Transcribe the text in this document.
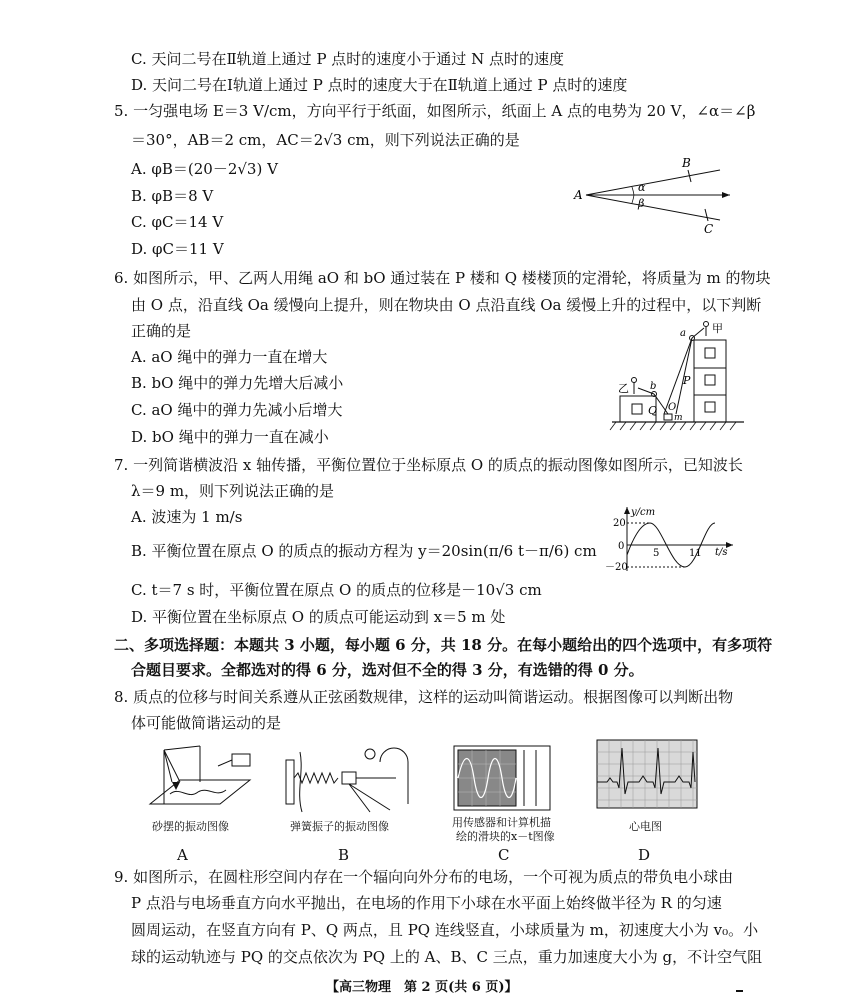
C. 天问二号在Ⅱ轨道上通过 P 点时的速度小于通过 N 点时的速度
D. 天问二号在Ⅰ轨道上通过 P 点时的速度大于在Ⅱ轨道上通过 P 点时的速度
5. 一匀强电场 E＝3 V/cm，方向平行于纸面，如图所示，纸面上 A 点的电势为 20 V，∠α＝∠β
＝30°，AB＝2 cm，AC＝2√3 cm，则下列说法正确的是
A. φB＝(20－2√3) V
B. φB＝8 V
C. φC＝14 V
D. φC＝11 V
A
B
C
α
β
6. 如图所示，甲、乙两人用绳 aO 和 bO 通过装在 P 楼和 Q 楼楼顶的定滑轮，将质量为 m 的物块
由 O 点，沿直线 Oa 缓慢向上提升，则在物块由 O 点沿直线 Oa 缓慢上升的过程中，以下判断
正确的是
A. aO 绳中的弹力一直在增大
B. bO 绳中的弹力先增大后减小
C. aO 绳中的弹力先减小后增大
D. bO 绳中的弹力一直在减小
甲
乙
a
b P
Q O
m
7. 一列简谐横波沿 x 轴传播，平衡位置位于坐标原点 O 的质点的振动图像如图所示，已知波长
λ＝9 m，则下列说法正确的是
A. 波速为 1 m/s
B. 平衡位置在原点 O 的质点的振动方程为 y＝20sin(π/6 t－π/6) cm
C. t＝7 s 时，平衡位置在原点 O 的质点的位移是－10√3 cm
D. 平衡位置在坐标原点 O 的质点可能运动到 x＝5 m 处
y/cm
t/s
20
－20
0
5	11
二、多项选择题：本题共 3 小题，每小题 6 分，共 18 分。在每小题给出的四个选项中，有多项符
合题目要求。全都选对的得 6 分，选对但不全的得 3 分，有选错的得 0 分。
8. 质点的位移与时间关系遵从正弦函数规律，这样的运动叫简谐运动。根据图像可以判断出物
体可能做简谐运动的是
砂摆的振动图像
A
弹簧振子的振动图像
B
用传感器和计算机描
绘的滑块的x－t图像
C
心电图
D
9. 如图所示，在圆柱形空间内存在一个辐向向外分布的电场，一个可视为质点的带负电小球由
P 点沿与电场垂直方向水平抛出，在电场的作用下小球在水平面上始终做半径为 R 的匀速
圆周运动，在竖直方向有 P、Q 两点，且 PQ 连线竖直，小球质量为 m，初速度大小为 v₀。小
球的运动轨迹与 PQ 的交点依次为 PQ 上的 A、B、C 三点，重力加速度大小为 g，不计空气阻
【高三物理　第 2 页(共 6 页)】
